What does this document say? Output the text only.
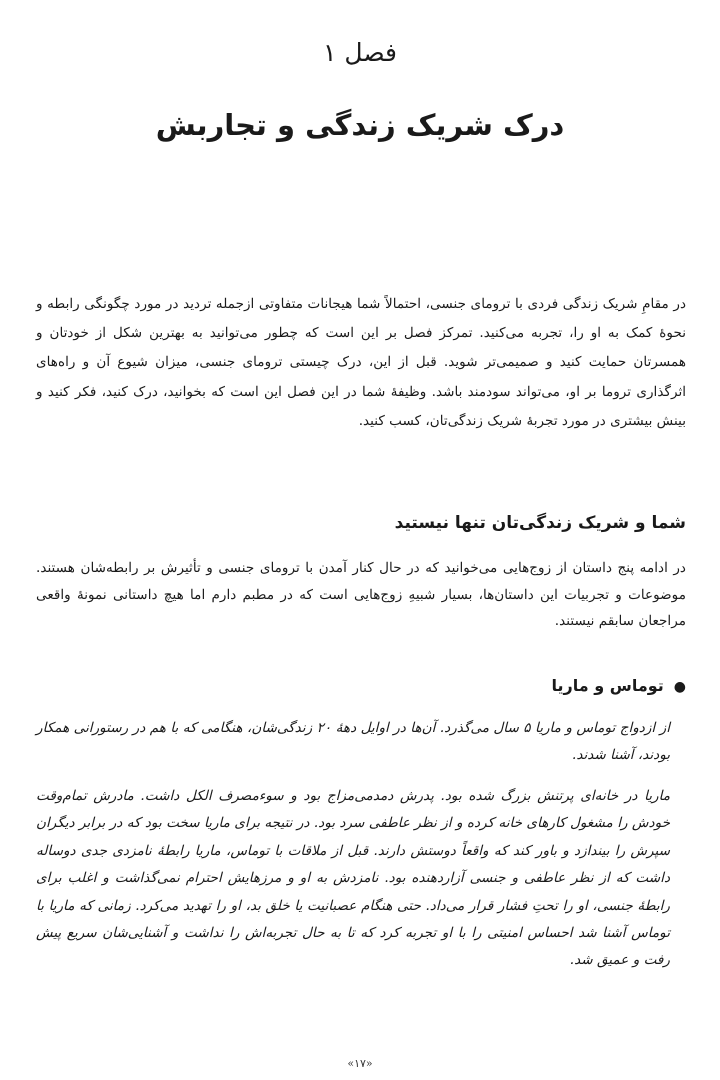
فصل ۱
درک شریک زندگی و تجاربش

در مقامِ شریک زندگی فردی با ترومای جنسی، احتمالاً شما هیجانات متفاوتی ازجمله تردید در مورد چگونگی رابطه و نحوهٔ کمک به او را، تجربه می‌کنید. تمرکز فصل بر این است که چطور می‌توانید به بهترین شکل از خودتان و همسرتان حمایت کنید و صمیمی‌تر شوید. قبل از این، درک چیستی ترومای جنسی، میزان شیوع آن و راه‌های اثرگذاری تروما بر او، می‌تواند سودمند باشد. وظیفهٔ شما در این فصل این است که بخوانید، درک کنید، فکر کنید و بینش بیشتری در مورد تجربهٔ شریک زندگی‌تان، کسب کنید.

شما و شریک زندگی‌تان تنها نیستید

در ادامه پنج داستان از زوج‌هایی می‌خوانید که در حال کنار آمدن با ترومای جنسی و تأثیرش بر رابطه‌شان هستند. موضوعات و تجربیات این داستان‌ها، بسیار شبیهِ زوج‌هایی است که در مطبم دارم اما هیچ داستانی نمونهٔ واقعی مراجعان سابقم نیستند.

●توماس و ماریا

از ازدواج توماس و ماریا ۵ سال می‌گذرد. آن‌ها در اوایل دههٔ ۲۰ زندگی‌شان، هنگامی که با هم در رستورانی همکار بودند، آشنا شدند.

ماریا در خانه‌ای پرتنش بزرگ شده بود. پدرش دمدمی‌مزاج بود و سوءمصرف الکل داشت. مادرش تمام‌وقت خودش را مشغول کارهای خانه کرده و از نظر عاطفی سرد بود. در نتیجه برای ماریا سخت بود که در برابر دیگران سپرش را بیندازد و باور کند که واقعاً دوستش دارند. قبل از ملاقات با توماس، ماریا رابطهٔ نامزدی جدی دوساله داشت که از نظر عاطفی و جنسی آزاردهنده بود. نامزدش به او و مرزهایش احترام نمی‌گذاشت و اغلب برای رابطهٔ جنسی، او را تحتِ فشار قرار می‌داد. حتی هنگام عصبانیت یا خلق بد، او را تهدید می‌کرد. زمانی که ماریا با توماس آشنا شد احساس امنیتی را با او تجربه کرد که تا به حال تجربه‌اش را نداشت و آشنایی‌شان سریع پیش رفت و عمیق شد.

«۱۷»
